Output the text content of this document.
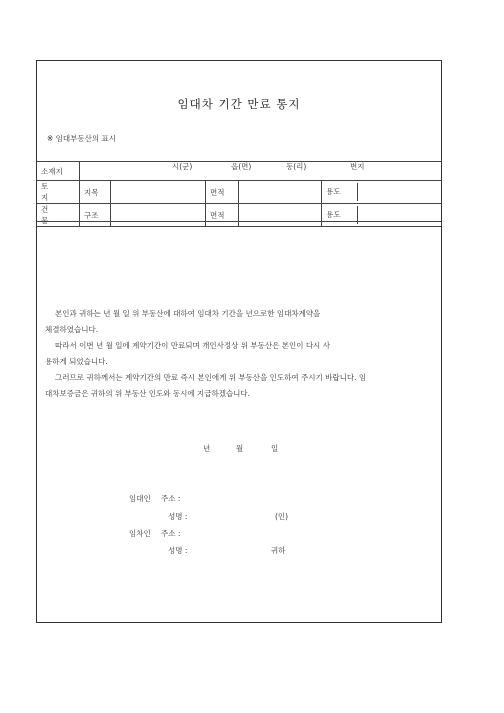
임대차 기간 만료 통지
※ 임대부동산의 표시
소재지	시(군) 읍(면) 동(리) 번지				

토 지	지목		면적		용도
건 물	구조		면적		용도

본인과 귀하는 년 월 일 위 부동산에 대하여 임대차 기간을 년으로한 임대차계약을

체결하였습니다.

따라서 이번 년 월 일에 계약기간이 만료되며 개인사정상 위 부동산은 본인이 다시 사

용하게 되었습니다.

그러므로 귀하께서는 계약기간의 만료 즉시 본인에게 위 부동산을 인도하여 주시기 바랍니다. 임

대차보증금은 귀하의 위 부동산 인도와 동시에 지급하겠습니다.

년	월	일
임대인 주소 :
성명 :	(인)
임차인 주소 :
성명 :	귀하
